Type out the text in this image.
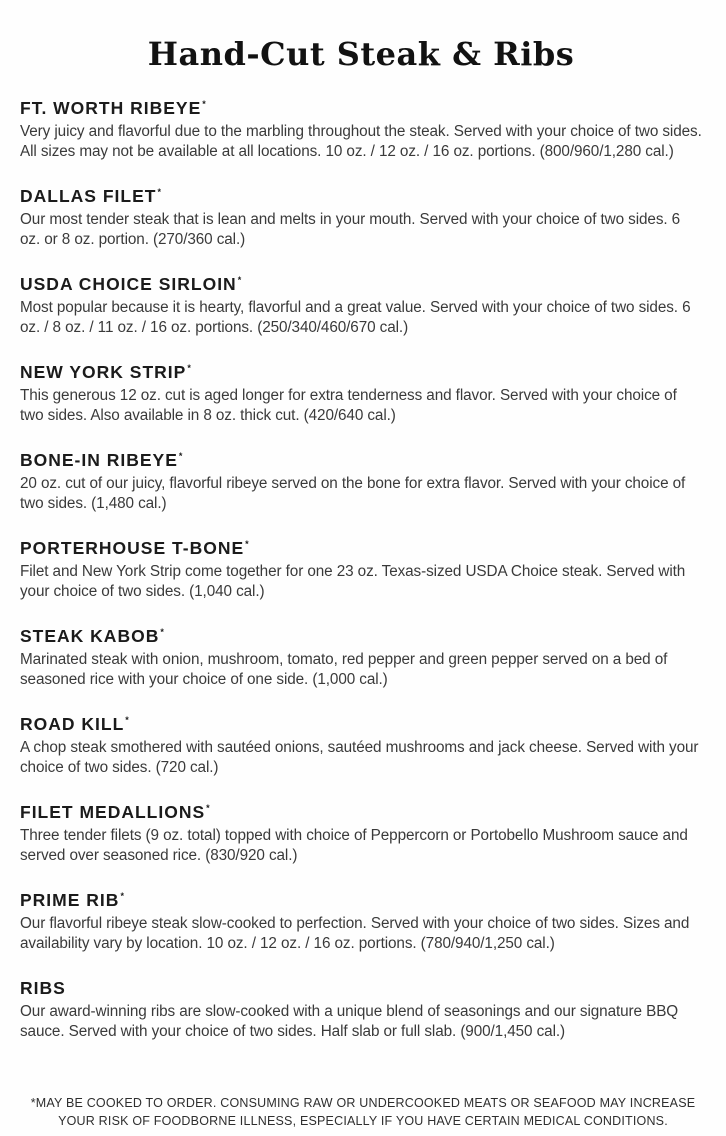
Hand-Cut Steak & Ribs
FT. WORTH RIBEYE*

Very juicy and flavorful due to the marbling throughout the steak. Served with your choice of two sides. All sizes may not be available at all locations. 10 oz. / 12 oz. / 16 oz. portions. (800/960/1,280 cal.)

DALLAS FILET*

Our most tender steak that is lean and melts in your mouth. Served with your choice of two sides. 6 oz. or 8 oz. portion. (270/360 cal.)

USDA CHOICE SIRLOIN*

Most popular because it is hearty, flavorful and a great value. Served with your choice of two sides. 6 oz. / 8 oz. / 11 oz. / 16 oz. portions. (250/340/460/670 cal.)

NEW YORK STRIP*

This generous 12 oz. cut is aged longer for extra tenderness and flavor. Served with your choice of two sides. Also available in 8 oz. thick cut. (420/640 cal.)

BONE-IN RIBEYE*

20 oz. cut of our juicy, flavorful ribeye served on the bone for extra flavor. Served with your choice of two sides. (1,480 cal.)

PORTERHOUSE T-BONE*

Filet and New York Strip come together for one 23 oz. Texas-sized USDA Choice steak. Served with your choice of two sides. (1,040 cal.)

STEAK KABOB*

Marinated steak with onion, mushroom, tomato, red pepper and green pepper served on a bed of seasoned rice with your choice of one side. (1,000 cal.)

ROAD KILL*

A chop steak smothered with sautéed onions, sautéed mushrooms and jack cheese. Served with your choice of two sides. (720 cal.)

FILET MEDALLIONS*

Three tender filets (9 oz. total) topped with choice of Peppercorn or Portobello Mushroom sauce and served over seasoned rice. (830/920 cal.)

PRIME RIB*

Our flavorful ribeye steak slow-cooked to perfection. Served with your choice of two sides. Sizes and availability vary by location. 10 oz. / 12 oz. / 16 oz. portions. (780/940/1,250 cal.)

RIBS

Our award-winning ribs are slow-cooked with a unique blend of seasonings and our signature BBQ sauce. Served with your choice of two sides. Half slab or full slab. (900/1,450 cal.)

*MAY BE COOKED TO ORDER. CONSUMING RAW OR UNDERCOOKED MEATS OR SEAFOOD MAY INCREASE
YOUR RISK OF FOODBORNE ILLNESS, ESPECIALLY IF YOU HAVE CERTAIN MEDICAL CONDITIONS.
